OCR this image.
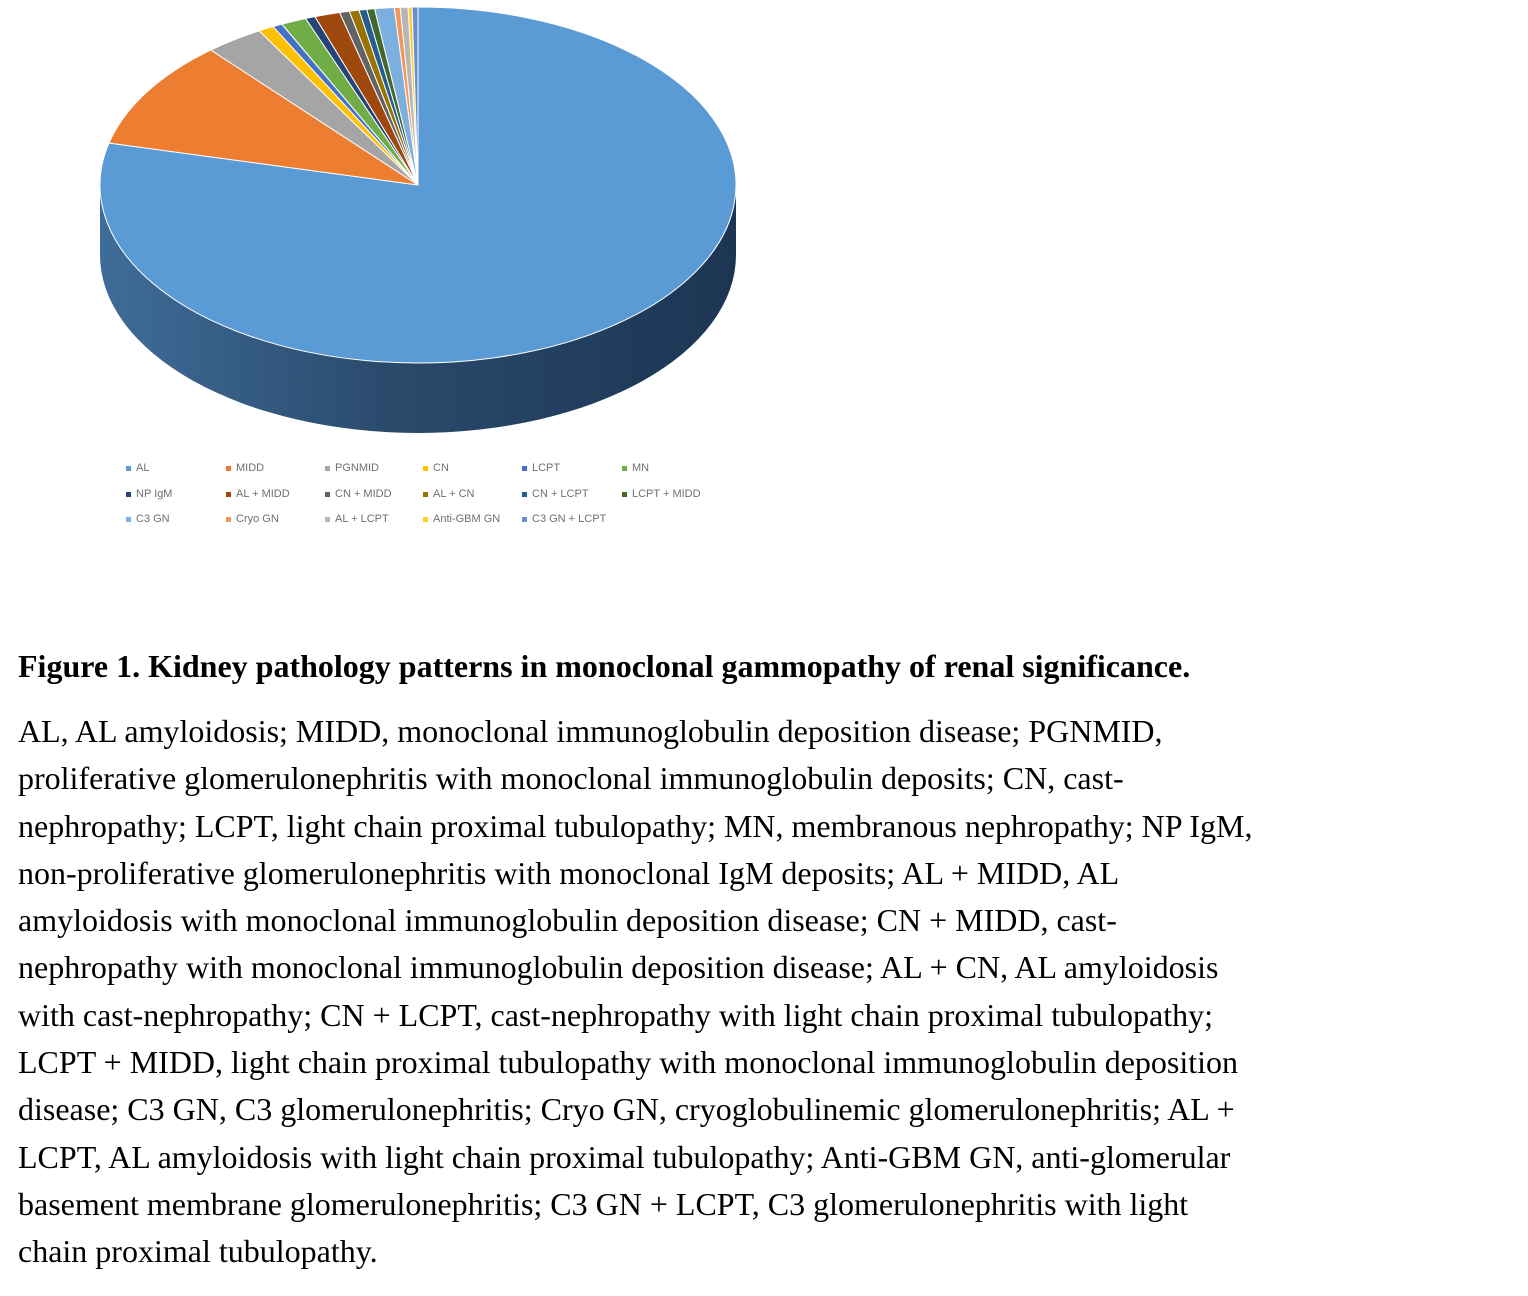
AL	MIDD	PGNMID	CN	LCPT	MN
NP IgM	AL + MIDD	CN + MIDD	AL + CN	CN + LCPT	LCPT + MIDD
C3 GN	Cryo GN	AL + LCPT	Anti-GBM GN	C3 GN + LCPT

Figure 1. Kidney pathology patterns in monoclonal gammopathy of renal significance.

AL, AL amyloidosis; MIDD, monoclonal immunoglobulin deposition disease; PGNMID,
proliferative glomerulonephritis with monoclonal immunoglobulin deposits; CN, cast-
nephropathy; LCPT, light chain proximal tubulopathy; MN, membranous nephropathy; NP IgM,
non-proliferative glomerulonephritis with monoclonal IgM deposits; AL + MIDD, AL
amyloidosis with monoclonal immunoglobulin deposition disease; CN + MIDD, cast-
nephropathy with monoclonal immunoglobulin deposition disease; AL + CN, AL amyloidosis
with cast-nephropathy; CN + LCPT, cast-nephropathy with light chain proximal tubulopathy;
LCPT + MIDD, light chain proximal tubulopathy with monoclonal immunoglobulin deposition
disease; C3 GN, C3 glomerulonephritis; Cryo GN, cryoglobulinemic glomerulonephritis; AL +
LCPT, AL amyloidosis with light chain proximal tubulopathy; Anti-GBM GN, anti-glomerular
basement membrane glomerulonephritis; C3 GN + LCPT, C3 glomerulonephritis with light
chain proximal tubulopathy.
